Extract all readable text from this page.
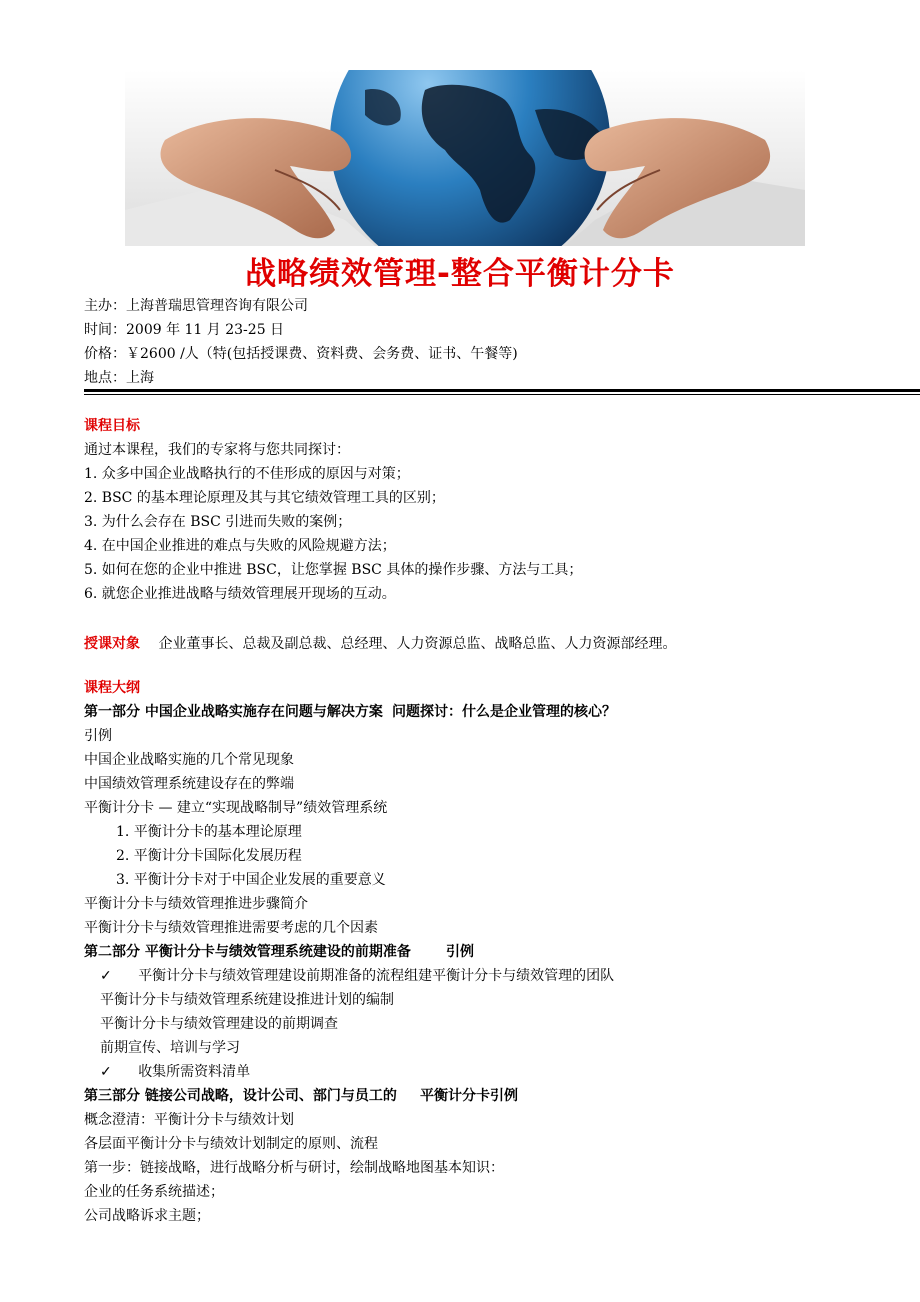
战略绩效管理-整合平衡计分卡
主办：上海普瑞思管理咨询有限公司
时间：2009 年 11 月 23-25 日
价格：￥2600 /人（特(包括授课费、资料费、会务费、证书、午餐等)
地点：上海
课程目标
通过本课程，我们的专家将与您共同探讨：
1. 众多中国企业战略执行的不佳形成的原因与对策；
2. BSC 的基本理论原理及其与其它绩效管理工具的区别；
3. 为什么会存在 BSC 引进而失败的案例；
4. 在中国企业推进的难点与失败的风险规避方法；
5. 如何在您的企业中推进 BSC，让您掌握 BSC 具体的操作步骤、方法与工具；
6. 就您企业推进战略与绩效管理展开现场的互动。
授课对象 企业董事长、总裁及副总裁、总经理、人力资源总监、战略总监、人力资源部经理。
课程大纲
第一部分 中国企业战略实施存在问题与解决方案 问题探讨：什么是企业管理的核心？
引例
中国企业战略实施的几个常见现象
中国绩效管理系统建设存在的弊端
平衡计分卡 — 建立“实现战略制导”绩效管理系统
1. 平衡计分卡的基本理论原理
2. 平衡计分卡国际化发展历程
3. 平衡计分卡对于中国企业发展的重要意义
平衡计分卡与绩效管理推进步骤简介
平衡计分卡与绩效管理推进需要考虑的几个因素
第二部分 平衡计分卡与绩效管理系统建设的前期准备	引例
✓ 平衡计分卡与绩效管理建设前期准备的流程组建平衡计分卡与绩效管理的团队
平衡计分卡与绩效管理系统建设推进计划的编制
平衡计分卡与绩效管理建设的前期调查
前期宣传、培训与学习
✓ 收集所需资料清单
第三部分 链接公司战略，设计公司、部门与员工的 平衡计分卡引例
概念澄清：平衡计分卡与绩效计划
各层面平衡计分卡与绩效计划制定的原则、流程
第一步：链接战略，进行战略分析与研讨，绘制战略地图基本知识：
企业的任务系统描述；
公司战略诉求主题；
